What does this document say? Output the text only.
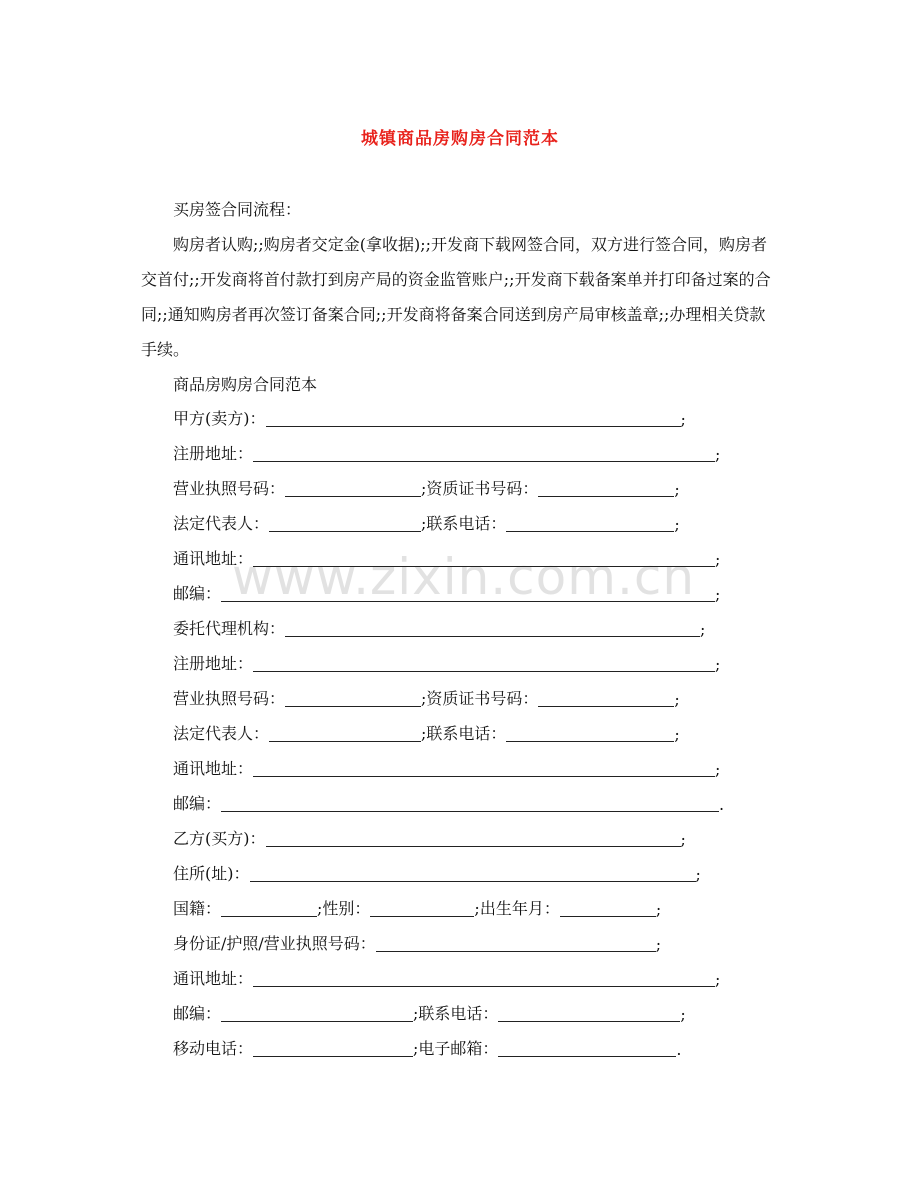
www.zixin.com.cn
城镇商品房购房合同范本
买房签合同流程：
购房者认购;;购房者交定金(拿收据);;开发商下载网签合同，双方进行签合同，购房者交首付;;开发商将首付款打到房产局的资金监管账户;;开发商下载备案单并打印备过案的合同;;通知购房者再次签订备案合同;;开发商将备案合同送到房产局审核盖章;;办理相关贷款手续。
商品房购房合同范本
甲方(卖方)：	;
注册地址：	;
营业执照号码：	;资质证书号码：	;
法定代表人：	;联系电话：	;
通讯地址：	;
邮编：	;
委托代理机构：	;
注册地址：	;
营业执照号码：	;资质证书号码：	;
法定代表人：	;联系电话：	;
通讯地址：	;
邮编：	.
乙方(买方)：	;
住所(址)：	;
国籍：	;性别：	;出生年月：	;
身份证/护照/营业执照号码：	;
通讯地址：	;
邮编：	;联系电话：	;
移动电话：	;电子邮箱：	.
